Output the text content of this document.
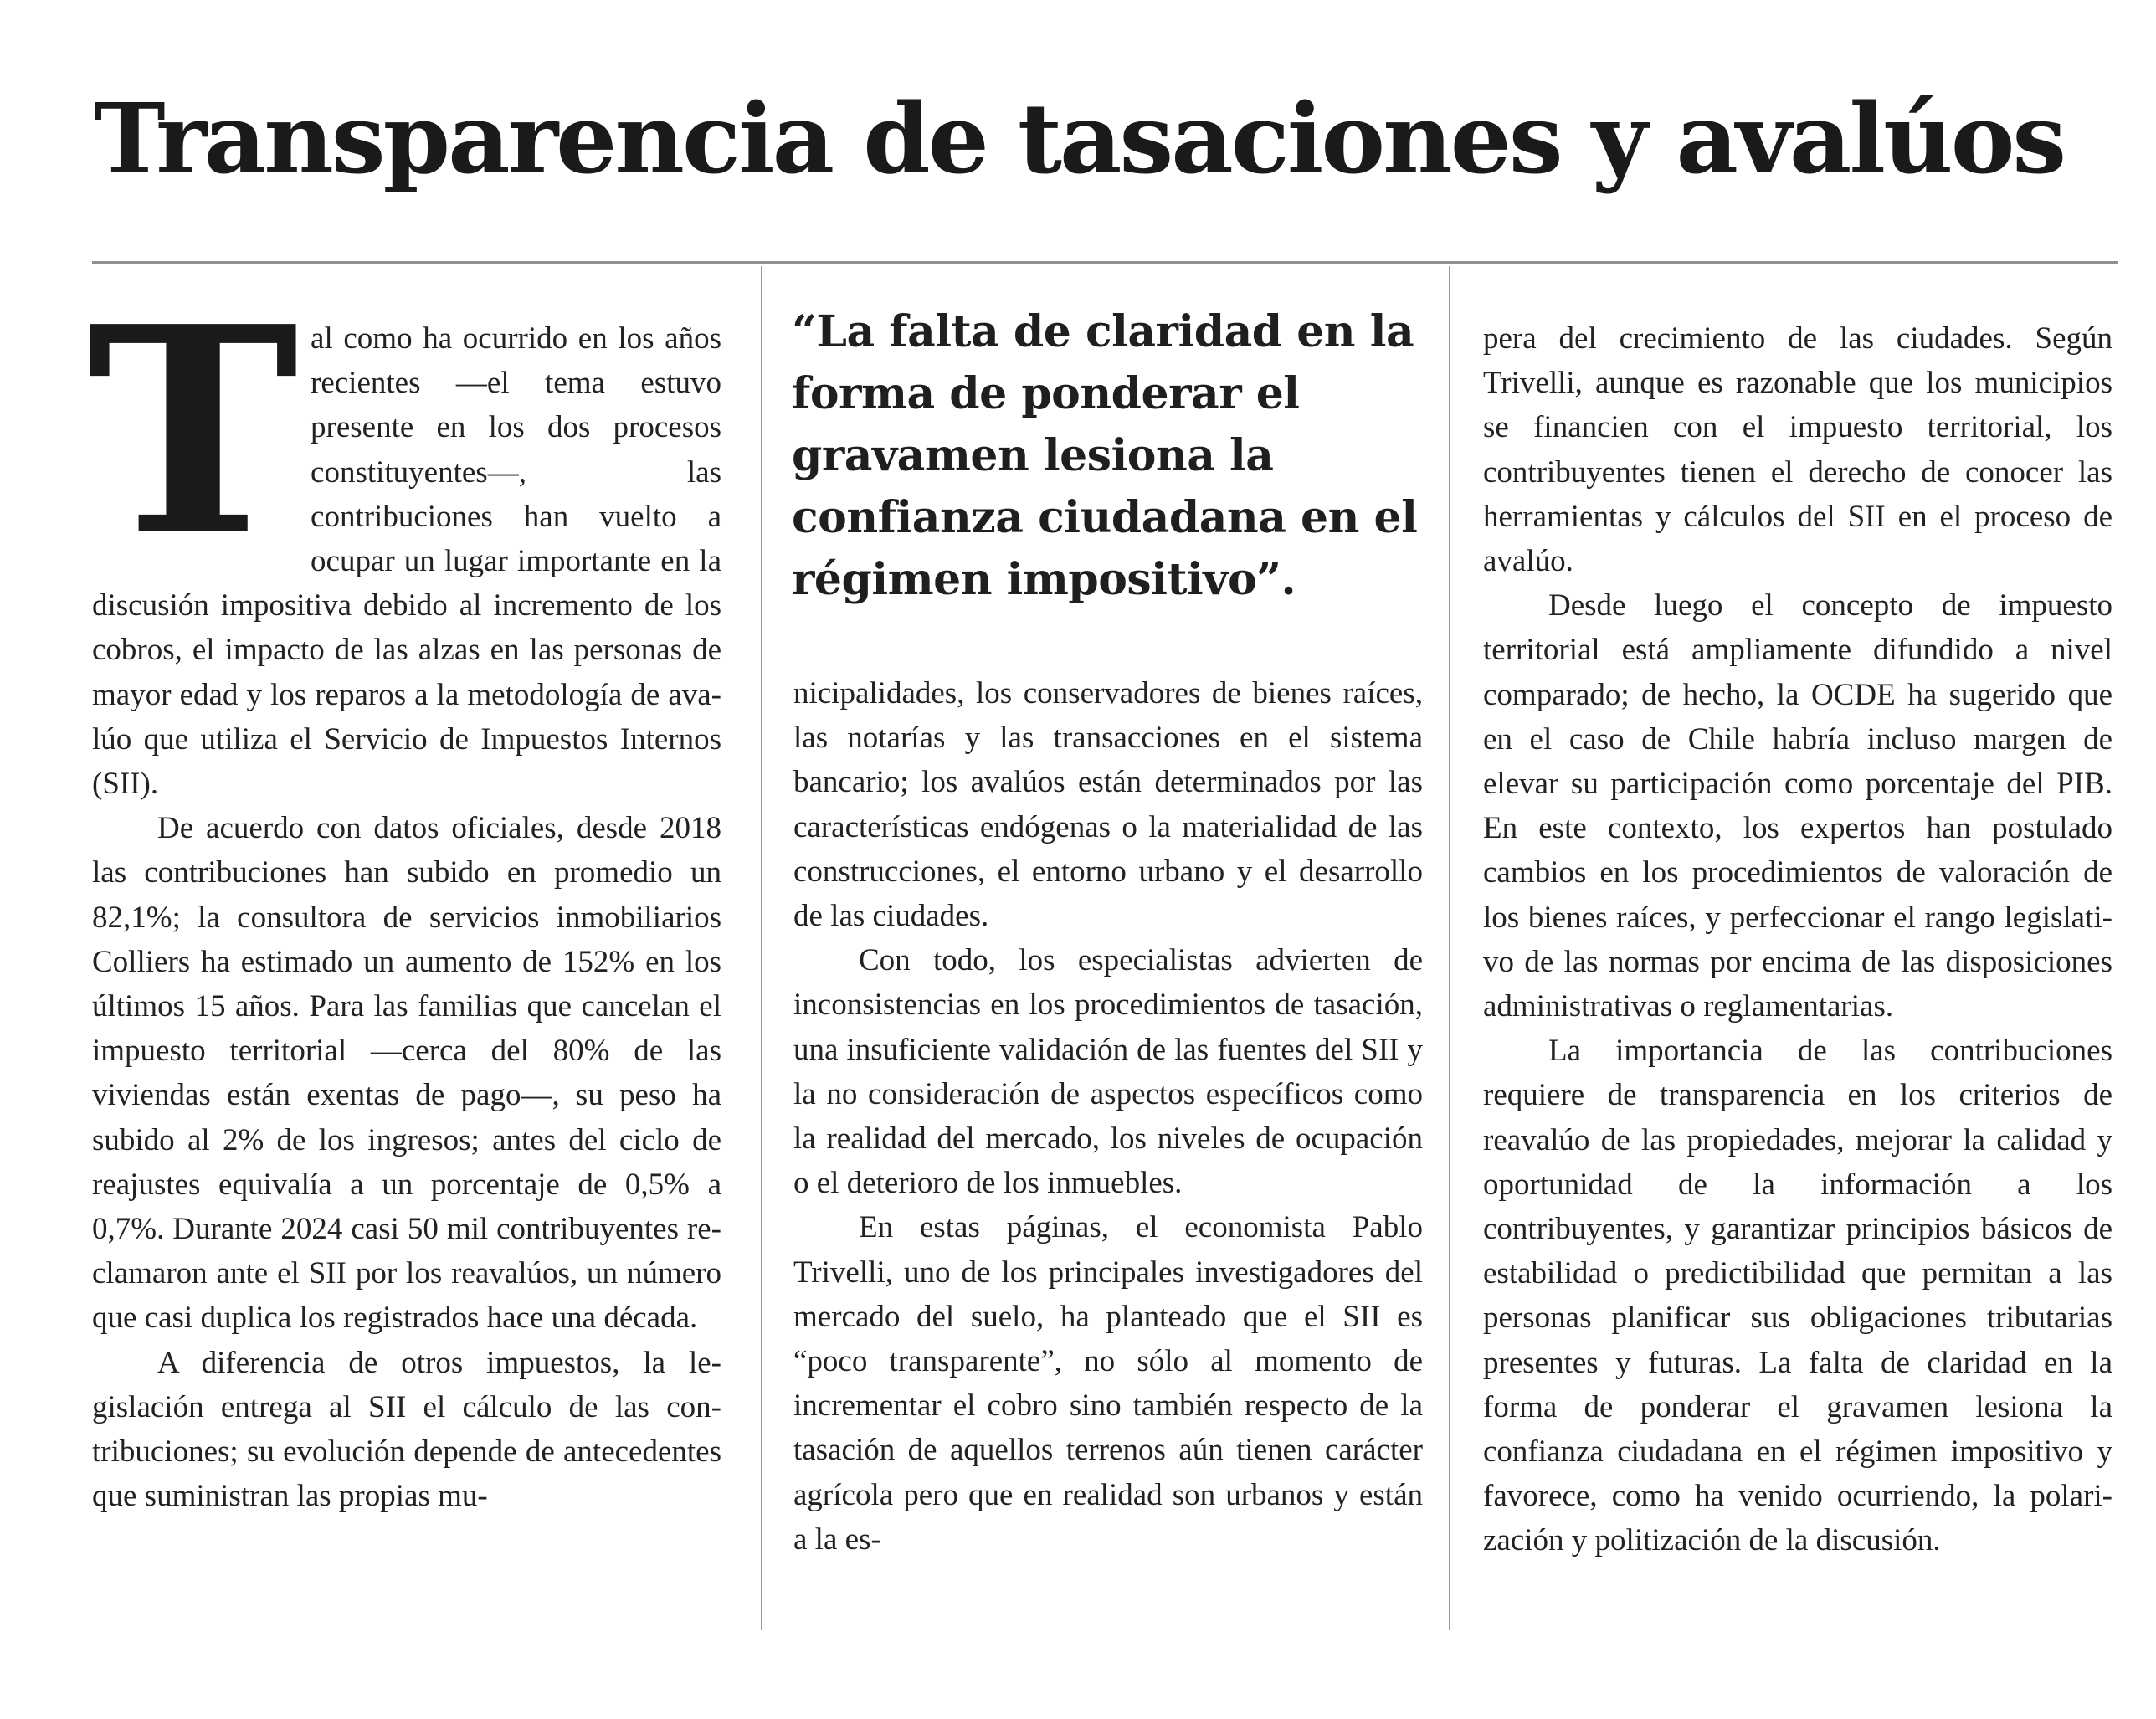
Transparencia de tasaciones y avalúos

Tal como ha ocurrido en los años recientes —el tema estuvo presente en los dos procesos constituyentes—, las contribuciones han vuelto a ocupar un lugar importante en la discusión impositiva debido al incremento de los cobros, el impacto de las alzas en las personas de mayor edad y los reparos a la metodología de avalúo que utiliza el Servicio de Impuestos Internos (SII).

De acuerdo con datos oficiales, desde 2018 las contribuciones han subido en promedio un 82,1%; la consultora de servicios inmobiliarios Colliers ha estimado un aumento de 152% en los últimos 15 años. Para las familias que cancelan el impuesto territorial —cerca del 80% de las viviendas están exentas de pago—, su peso ha subido al 2% de los ingresos; antes del ciclo de reajustes equivalía a un porcentaje de 0,5% a 0,7%. Durante 2024 casi 50 mil contribuyentes reclamaron ante el SII por los reavalúos, un número que casi duplica los registrados hace una década.

A diferencia de otros impuestos, la legislación entrega al SII el cálculo de las contribuciones; su evolución depende de antecedentes que suministran las propias mu-

“La falta de claridad en la forma de ponderar el gravamen lesiona la confianza ciudadana en el régimen impositivo”.

nicipalidades, los conservadores de bienes raíces, las notarías y las transacciones en el sistema bancario; los avalúos están determinados por las características endógenas o la materialidad de las construcciones, el entorno urbano y el desarrollo de las ciudades.

Con todo, los especialistas advierten de inconsistencias en los procedimientos de tasación, una insuficiente validación de las fuentes del SII y la no consideración de aspectos específicos como la realidad del mercado, los niveles de ocupación o el deterioro de los inmuebles.

En estas páginas, el economista Pablo Trivelli, uno de los principales investigadores del mercado del suelo, ha planteado que el SII es “poco transparente”, no sólo al momento de incrementar el cobro sino también respecto de la tasación de aquellos terrenos aún tienen carácter agrícola pero que en realidad son urbanos y están a la es-

pera del crecimiento de las ciudades. Según Trivelli, aunque es razonable que los municipios se financien con el impuesto territorial, los contribuyentes tienen el derecho de conocer las herramientas y cálculos del SII en el proceso de avalúo.

Desde luego el concepto de impuesto territorial está ampliamente difundido a nivel comparado; de hecho, la OCDE ha sugerido que en el caso de Chile habría incluso margen de elevar su participación como porcentaje del PIB. En este contexto, los expertos han postulado cambios en los procedimientos de valoración de los bienes raíces, y perfeccionar el rango legislativo de las normas por encima de las disposiciones administrativas o reglamentarias.

La importancia de las contribuciones requiere de transparencia en los criterios de reavalúo de las propiedades, mejorar la calidad y oportunidad de la información a los contribuyentes, y garantizar principios básicos de estabilidad o predictibilidad que permitan a las personas planificar sus obligaciones tributarias presentes y futuras. La falta de claridad en la forma de ponderar el gravamen lesiona la confianza ciudadana en el régimen impositivo y favorece, como ha venido ocurriendo, la polarización y politización de la discusión.
